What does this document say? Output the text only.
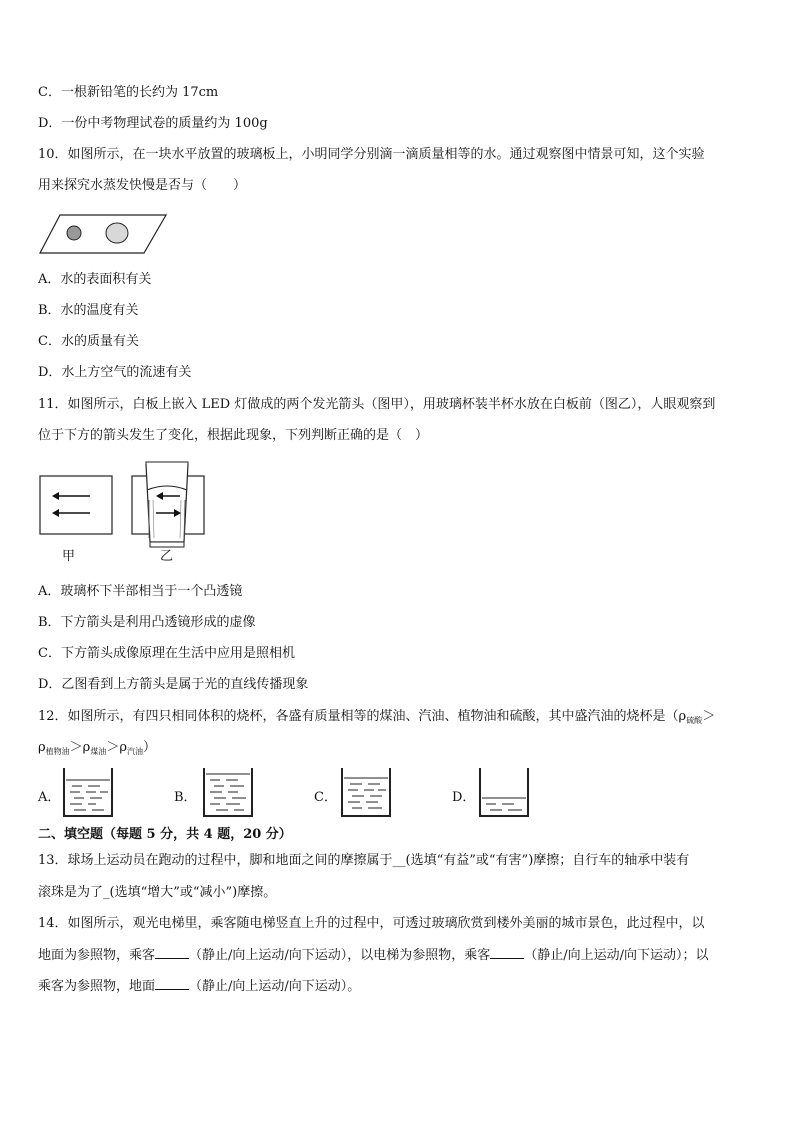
C．一根新铅笔的长约为 17cm
D．一份中考物理试卷的质量约为 100g
10．如图所示，在一块水平放置的玻璃板上，小明同学分别滴一滴质量相等的水。通过观察图中情景可知，这个实验
用来探究水蒸发快慢是否与（　　）
A．水的表面积有关
B．水的温度有关
C．水的质量有关
D．水上方空气的流速有关
11．如图所示，白板上嵌入 LED 灯做成的两个发光箭头（图甲），用玻璃杯装半杯水放在白板前（图乙），人眼观察到
位于下方的箭头发生了变化，根据此现象，下列判断正确的是（　）
甲	乙
A．玻璃杯下半部相当于一个凸透镜
B．下方箭头是利用凸透镜形成的虚像
C．下方箭头成像原理在生活中应用是照相机
D．乙图看到上方箭头是属于光的直线传播现象
12．如图所示，有四只相同体积的烧杯，各盛有质量相等的煤油、汽油、植物油和硫酸，其中盛汽油的烧杯是（$\rho_{硫酸}>$
$\rho_{植物油}>\rho_{煤油}>\rho_{汽油}$）
A．	B．	C．	D．
二、填空题（每题 5 分，共 4 题，20 分）
13．球场上运动员在跑动的过程中，脚和地面之间的摩擦属于__(选填“有益”或“有害”)摩擦；自行车的轴承中装有
滚珠是为了_(选填“增大”或“减小”)摩擦。
14．如图所示，观光电梯里，乘客随电梯竖直上升的过程中，可透过玻璃欣赏到楼外美丽的城市景色，此过程中，以
地面为参照物，乘客	（静止/向上运动/向下运动），以电梯为参照物，乘客	（静止/向上运动/向下运动）；以
乘客为参照物，地面	（静止/向上运动/向下运动）。
